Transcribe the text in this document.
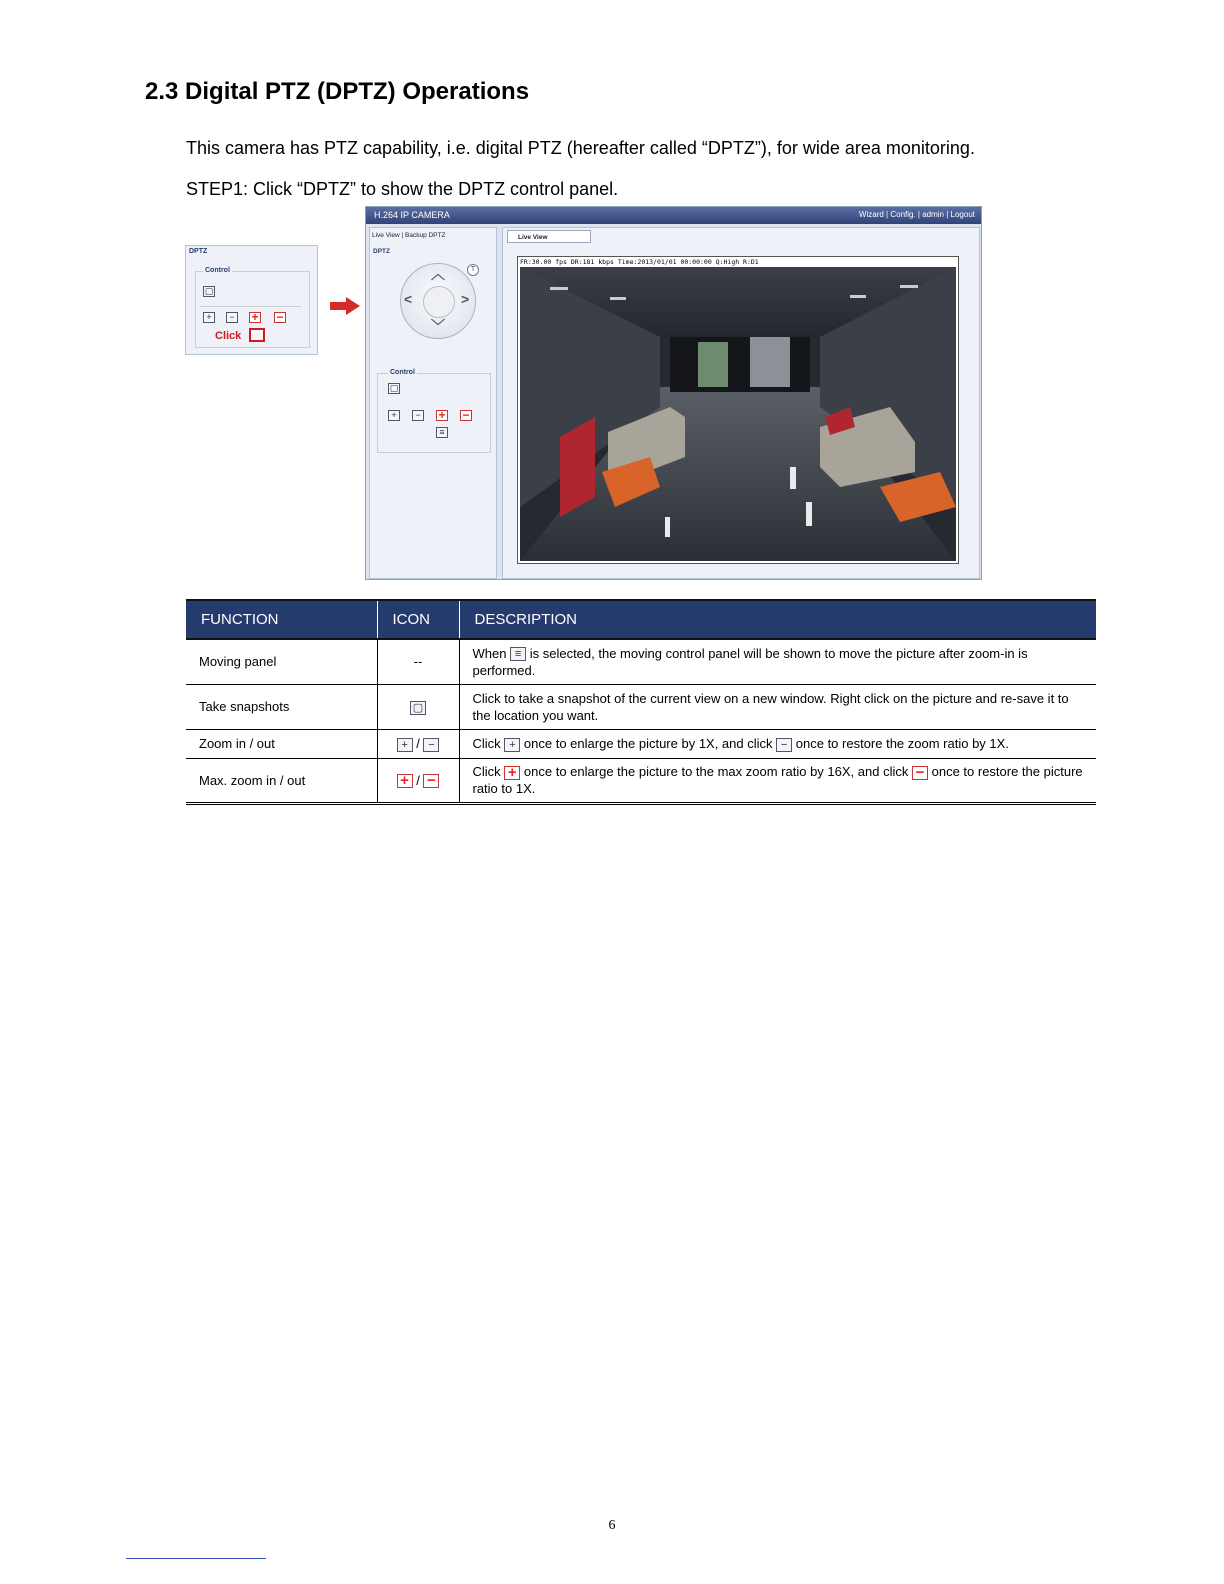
2.3 Digital PTZ (DPTZ) Operations
This camera has PTZ capability, i.e. digital PTZ (hereafter called “DPTZ”), for wide area monitoring.
STEP1: Click “DPTZ” to show the DPTZ control panel.
DPTZ
Control
▢
+	− + −
Click
H.264 IP CAMERA	Wizard | Config. | admin | Logout
Live View | Backup DPTZ
DPTZ
︿
﹀
<	>
T
Control
▢
+	− + −
≡
Live View
FR:30.00 fps DR:181 kbps Time:2013/01/01 00:00:00 Q:High R:D1
FUNCTION	ICON	DESCRIPTION
Moving panel	--	When ≡ is selected, the moving control panel will be shown to move the picture after zoom-in is performed.
Take snapshots	▢	Click to take a snapshot of the current view on a new window. Right click on the picture and re-save it to the location you want.
Zoom in / out	+ / −	Click + once to enlarge the picture by 1X, and click − once to restore the zoom ratio by 1X.
Max. zoom in / out	+ / −	Click + once to enlarge the picture to the max zoom ratio by 16X, and click − once to restore the picture ratio to 1X.
6
